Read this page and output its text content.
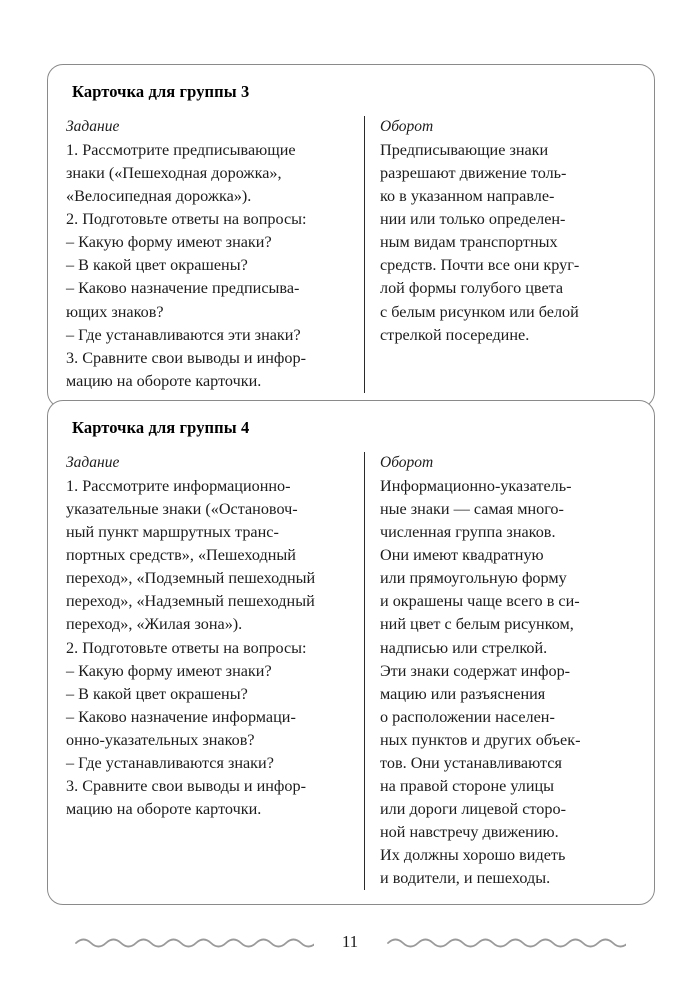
Карточка для группы 3
Задание
1. Рассмотрите предписывающие
знаки («Пешеходная дорожка»,
«Велосипедная дорожка»).
2. Подготовьте ответы на вопросы:
– Какую форму имеют знаки?
– В какой цвет окрашены?
– Каково назначение предписыва-
ющих знаков?
– Где устанавливаются эти знаки?
3. Сравните свои выводы и инфор-
мацию на обороте карточки.
Оборот
Предписывающие знаки
разрешают движение толь-
ко в указанном направле-
нии или только определен-
ным видам транспортных
средств. Почти все они круг-
лой формы голубого цвета
с белым рисунком или белой
стрелкой посередине.
Карточка для группы 4
Задание
1. Рассмотрите информационно-
указательные знаки («Остановоч-
ный пункт маршрутных транс-
портных средств», «Пешеходный
переход», «Подземный пешеходный
переход», «Надземный пешеходный
переход», «Жилая зона»).
2. Подготовьте ответы на вопросы:
– Какую форму имеют знаки?
– В какой цвет окрашены?
– Каково назначение информаци-
онно-указательных знаков?
– Где устанавливаются знаки?
3. Сравните свои выводы и инфор-
мацию на обороте карточки.
Оборот
Информационно-указатель-
ные знаки — самая много-
численная группа знаков.
Они имеют квадратную
или прямоугольную форму
и окрашены чаще всего в си-
ний цвет с белым рисунком,
надписью или стрелкой.
Эти знаки содержат инфор-
мацию или разъяснения
о расположении населен-
ных пунктов и других объек-
тов. Они устанавливаются
на правой стороне улицы
или дороги лицевой сторо-
ной навстречу движению.
Их должны хорошо видеть
и водители, и пешеходы.
11
